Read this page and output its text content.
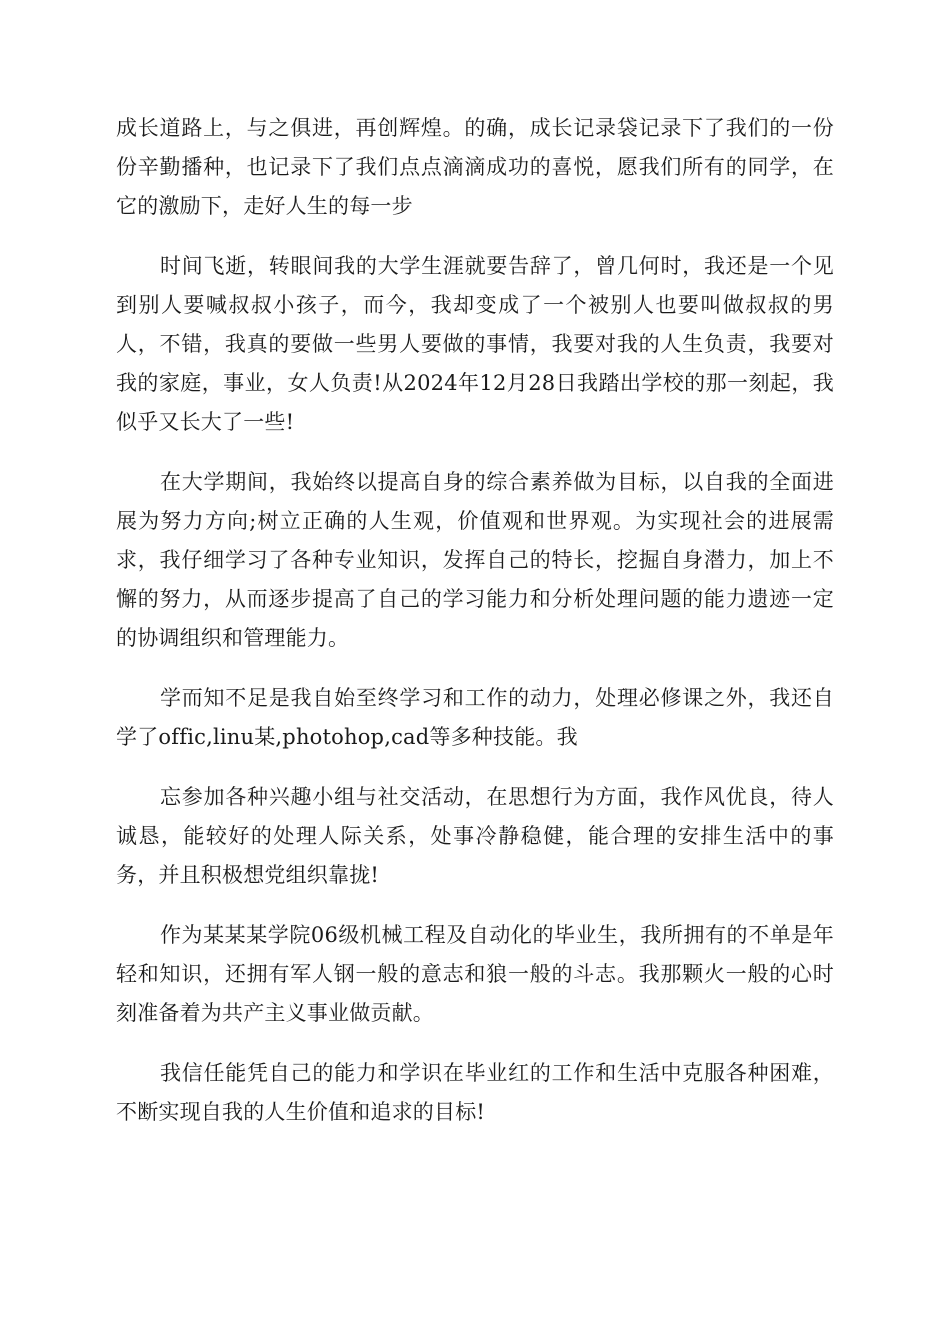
成长道路上，与之俱进，再创辉煌。的确，成长记录袋记录下了我们的一份份辛勤播种，也记录下了我们点点滴滴成功的喜悦，愿我们所有的同学，在它的激励下，走好人生的每一步

时间飞逝，转眼间我的大学生涯就要告辞了，曾几何时，我还是一个见到别人要喊叔叔小孩子，而今，我却变成了一个被别人也要叫做叔叔的男人，不错，我真的要做一些男人要做的事情，我要对我的人生负责，我要对我的家庭，事业，女人负责!从2024年12月28日我踏出学校的那一刻起，我似乎又长大了一些!

在大学期间，我始终以提高自身的综合素养做为目标，以自我的全面进展为努力方向;树立正确的人生观，价值观和世界观。为实现社会的进展需求，我仔细学习了各种专业知识，发挥自己的特长，挖掘自身潜力，加上不懈的努力，从而逐步提高了自己的学习能力和分析处理问题的能力遗迹一定的协调组织和管理能力。

学而知不足是我自始至终学习和工作的动力，处理必修课之外，我还自学了offic,linu某,photohop,cad等多种技能。我

忘参加各种兴趣小组与社交活动，在思想行为方面，我作风优良，待人诚恳，能较好的处理人际关系，处事冷静稳健，能合理的安排生活中的事务，并且积极想党组织靠拢!

作为某某某学院06级机械工程及自动化的毕业生，我所拥有的不单是年轻和知识，还拥有军人钢一般的意志和狼一般的斗志。我那颗火一般的心时刻准备着为共产主义事业做贡献。

我信任能凭自己的能力和学识在毕业红的工作和生活中克服各种困难，不断实现自我的人生价值和追求的目标!
